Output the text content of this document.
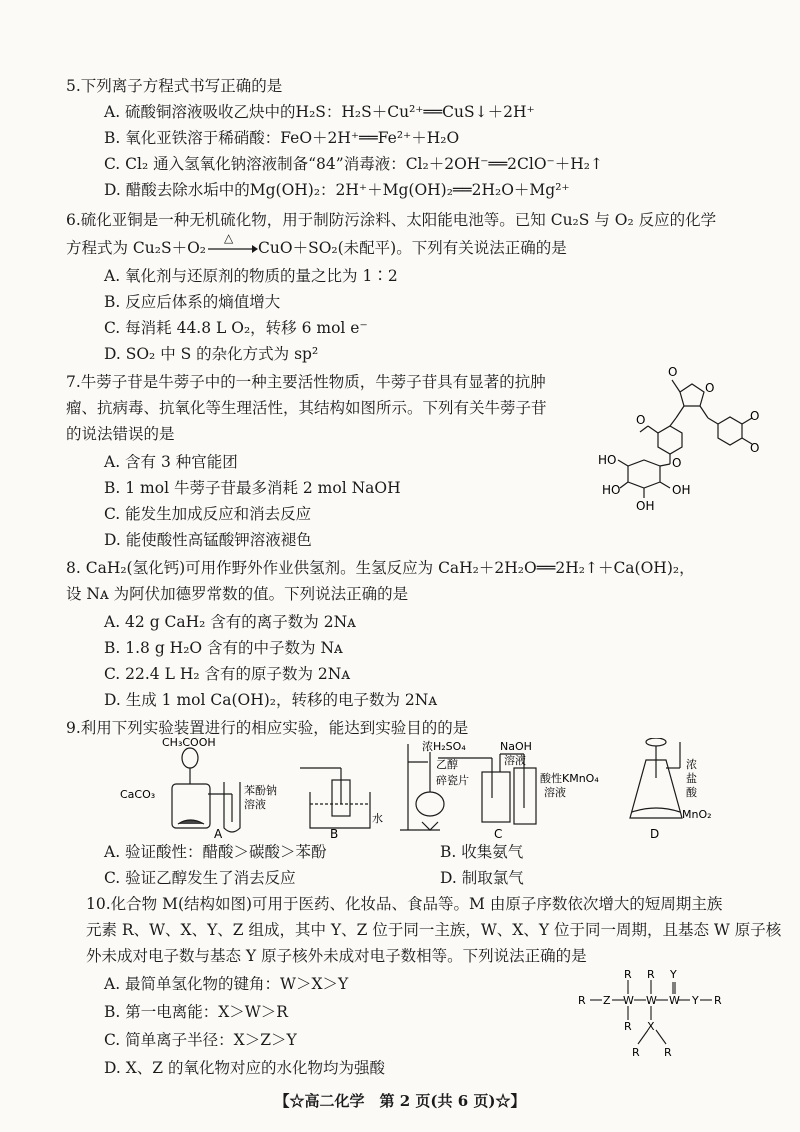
5.下列离子方程式书写正确的是
A. 硫酸铜溶液吸收乙炔中的H₂S：H₂S＋Cu²⁺══CuS↓＋2H⁺
B. 氧化亚铁溶于稀硝酸：FeO＋2H⁺══Fe²⁺＋H₂O
C. Cl₂ 通入氢氧化钠溶液制备“84”消毒液：Cl₂＋2OH⁻══2ClO⁻＋H₂↑
D. 醋酸去除水垢中的Mg(OH)₂：2H⁺＋Mg(OH)₂══2H₂O＋Mg²⁺
6.硫化亚铜是一种无机硫化物，用于制防污涂料、太阳能电池等。已知 Cu₂S 与 O₂ 反应的化学
方程式为 Cu₂S＋O₂
△
CuO＋SO₂(未配平)。下列有关说法正确的是
A. 氧化剂与还原剂的物质的量之比为 1∶2
B. 反应后体系的熵值增大
C. 每消耗 44.8 L O₂，转移 6 mol e⁻
D. SO₂ 中 S 的杂化方式为 sp²
7.牛蒡子苷是牛蒡子中的一种主要活性物质，牛蒡子苷具有显著的抗肿
瘤、抗病毒、抗氧化等生理活性，其结构如图所示。下列有关牛蒡子苷
的说法错误的是
A. 含有 3 种官能团
B. 1 mol 牛蒡子苷最多消耗 2 mol NaOH
C. 能发生加成反应和消去反应
D. 能使酸性高锰酸钾溶液褪色
O
O
O	O
O
O
HO
HO
OH
OH
8. CaH₂(氢化钙)可用作野外作业供氢剂。生氢反应为 CaH₂＋2H₂O══2H₂↑＋Ca(OH)₂，
设 Nᴀ 为阿伏加德罗常数的值。下列说法正确的是
A. 42 g CaH₂ 含有的离子数为 2Nᴀ
B. 1.8 g H₂O 含有的中子数为 Nᴀ
C. 22.4 L H₂ 含有的原子数为 2Nᴀ
D. 生成 1 mol Ca(OH)₂，转移的电子数为 2Nᴀ
9.利用下列实验装置进行的相应实验，能达到实验目的的是
CH₃COOH
CaCO₃	苯酚钠
溶液
A
水
B
浓H₂SO₄
乙醇
碎瓷片
NaOH
溶液
酸性KMnO₄
溶液
C
浓
盐
酸
MnO₂
D
A. 验证酸性：醋酸＞碳酸＞苯酚	B. 收集氨气
C. 验证乙醇发生了消去反应	D. 制取氯气
10.化合物 M(结构如图)可用于医药、化妆品、食品等。M 由原子序数依次增大的短周期主族
元素 R、W、X、Y、Z 组成，其中 Y、Z 位于同一主族，W、X、Y 位于同一周期，且基态 W 原子核
外未成对电子数与基态 Y 原子核外未成对电子数相等。下列说法正确的是
A. 最简单氢化物的键角：W＞X＞Y
B. 第一电离能：X＞W＞R
C. 简单离子半径：X＞Z＞Y
D. X、Z 的氧化物对应的水化物均为强酸
R R Y
R Z W W W Y R
R X
R R
【☆高二化学　第 2 页(共 6 页)☆】
